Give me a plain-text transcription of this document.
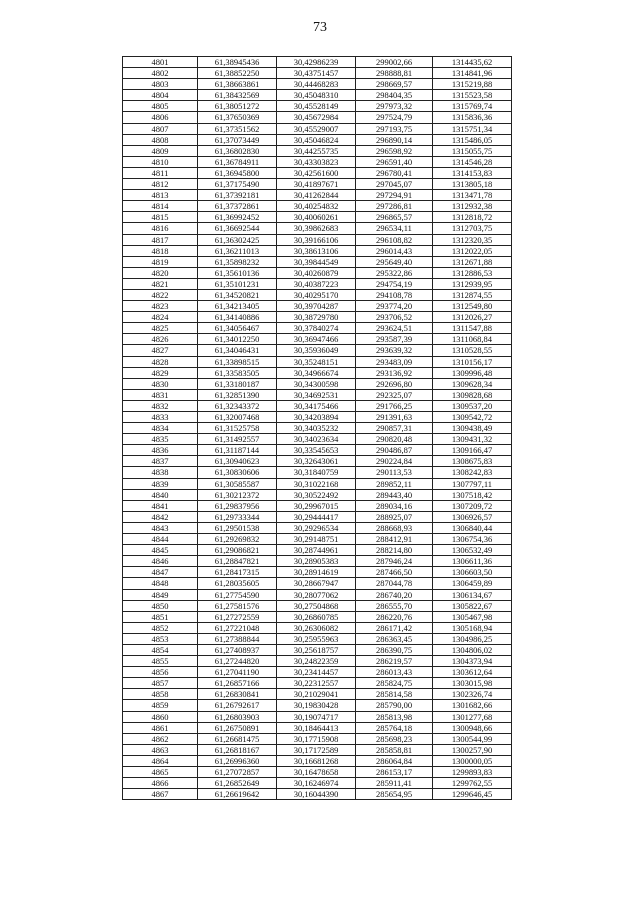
73
4801	61,38945436	30,42986239	299002,66	1314435,62
4802	61,38852250	30,43751457	298888,81	1314841,96
4803	61,38663861	30,44468283	298669,57	1315219,88
4804	61,38432569	30,45048310	298404,35	1315523,58
4805	61,38051272	30,45528149	297973,32	1315769,74
4806	61,37650369	30,45672984	297524,79	1315836,36
4807	61,37351562	30,45529007	297193,75	1315751,34
4808	61,37073449	30,45046824	296890,14	1315486,05
4809	61,36802830	30,44255735	296598,92	1315055,75
4810	61,36784911	30,43303823	296591,40	1314546,28
4811	61,36945800	30,42561600	296780,41	1314153,83
4812	61,37175490	30,41897671	297045,07	1313805,18
4813	61,37392181	30,41262844	297294,91	1313471,78
4814	61,37372861	30,40254832	297286,81	1312932,38
4815	61,36992452	30,40060261	296865,57	1312818,72
4816	61,36692544	30,39862683	296534,11	1312703,75
4817	61,36302425	30,39166106	296108,82	1312320,35
4818	61,36211013	30,38613106	296014,43	1312022,05
4819	61,35898232	30,39844549	295649,40	1312671,88
4820	61,35610136	30,40260879	295322,86	1312886,53
4821	61,35101231	30,40387223	294754,19	1312939,95
4822	61,34520821	30,40295170	294108,78	1312874,55
4823	61,34213405	30,39704287	293774,20	1312549,80
4824	61,34140886	30,38729780	293706,52	1312026,27
4825	61,34056467	30,37840274	293624,51	1311547,88
4826	61,34012250	30,36947466	293587,39	1311068,84
4827	61,34046431	30,35936049	293639,32	1310528,55
4828	61,33898515	30,35248151	293483,09	1310156,17
4829	61,33583505	30,34966674	293136,92	1309996,48
4830	61,33180187	30,34300598	292696,80	1309628,34
4831	61,32851390	30,34692531	292325,07	1309828,68
4832	61,32343372	30,34175466	291766,25	1309537,20
4833	61,32007468	30,34203894	291391,63	1309542,72
4834	61,31525758	30,34035232	290857,31	1309438,49
4835	61,31492557	30,34023634	290820,48	1309431,32
4836	61,31187144	30,33545653	290486,87	1309166,47
4837	61,30940623	30,32643061	290224,84	1308675,83
4838	61,30830606	30,31840759	290113,53	1308242,83
4839	61,30585587	30,31022168	289852,11	1307797,11
4840	61,30212372	30,30522492	289443,40	1307518,42
4841	61,29837956	30,29967015	289034,16	1307209,72
4842	61,29733344	30,29444417	288925,07	1306926,57
4843	61,29501538	30,29296534	288668,93	1306840,44
4844	61,29269832	30,29148751	288412,91	1306754,36
4845	61,29086821	30,28744961	288214,80	1306532,49
4846	61,28847821	30,28905383	287946,24	1306611,36
4847	61,28417315	30,28914619	287466,50	1306603,50
4848	61,28035605	30,28667947	287044,78	1306459,89
4849	61,27754590	30,28077062	286740,20	1306134,67
4850	61,27581576	30,27504868	286555,70	1305822,67
4851	61,27272559	30,26860785	286220,76	1305467,98
4852	61,27221048	30,26306082	286171,42	1305168,94
4853	61,27388844	30,25955963	286363,45	1304986,25
4854	61,27408937	30,25618757	286390,75	1304806,02
4855	61,27244820	30,24822359	286219,57	1304373,94
4856	61,27041190	30,23414457	286013,43	1303612,64
4857	61,26857166	30,22312557	285824,75	1303015,98
4858	61,26830841	30,21029041	285814,58	1302326,74
4859	61,26792617	30,19830428	285790,00	1301682,66
4860	61,26803903	30,19074717	285813,98	1301277,68
4861	61,26750891	30,18464413	285764,18	1300948,66
4862	61,26681475	30,17715908	285698,23	1300544,99
4863	61,26818167	30,17172589	285858,81	1300257,90
4864	61,26996360	30,16681268	286064,84	1300000,05
4865	61,27072857	30,16478658	286153,17	1299893,83
4866	61,26852649	30,16246974	285911,41	1299762,55
4867	61,26619642	30,16044390	285654,95	1299646,45
